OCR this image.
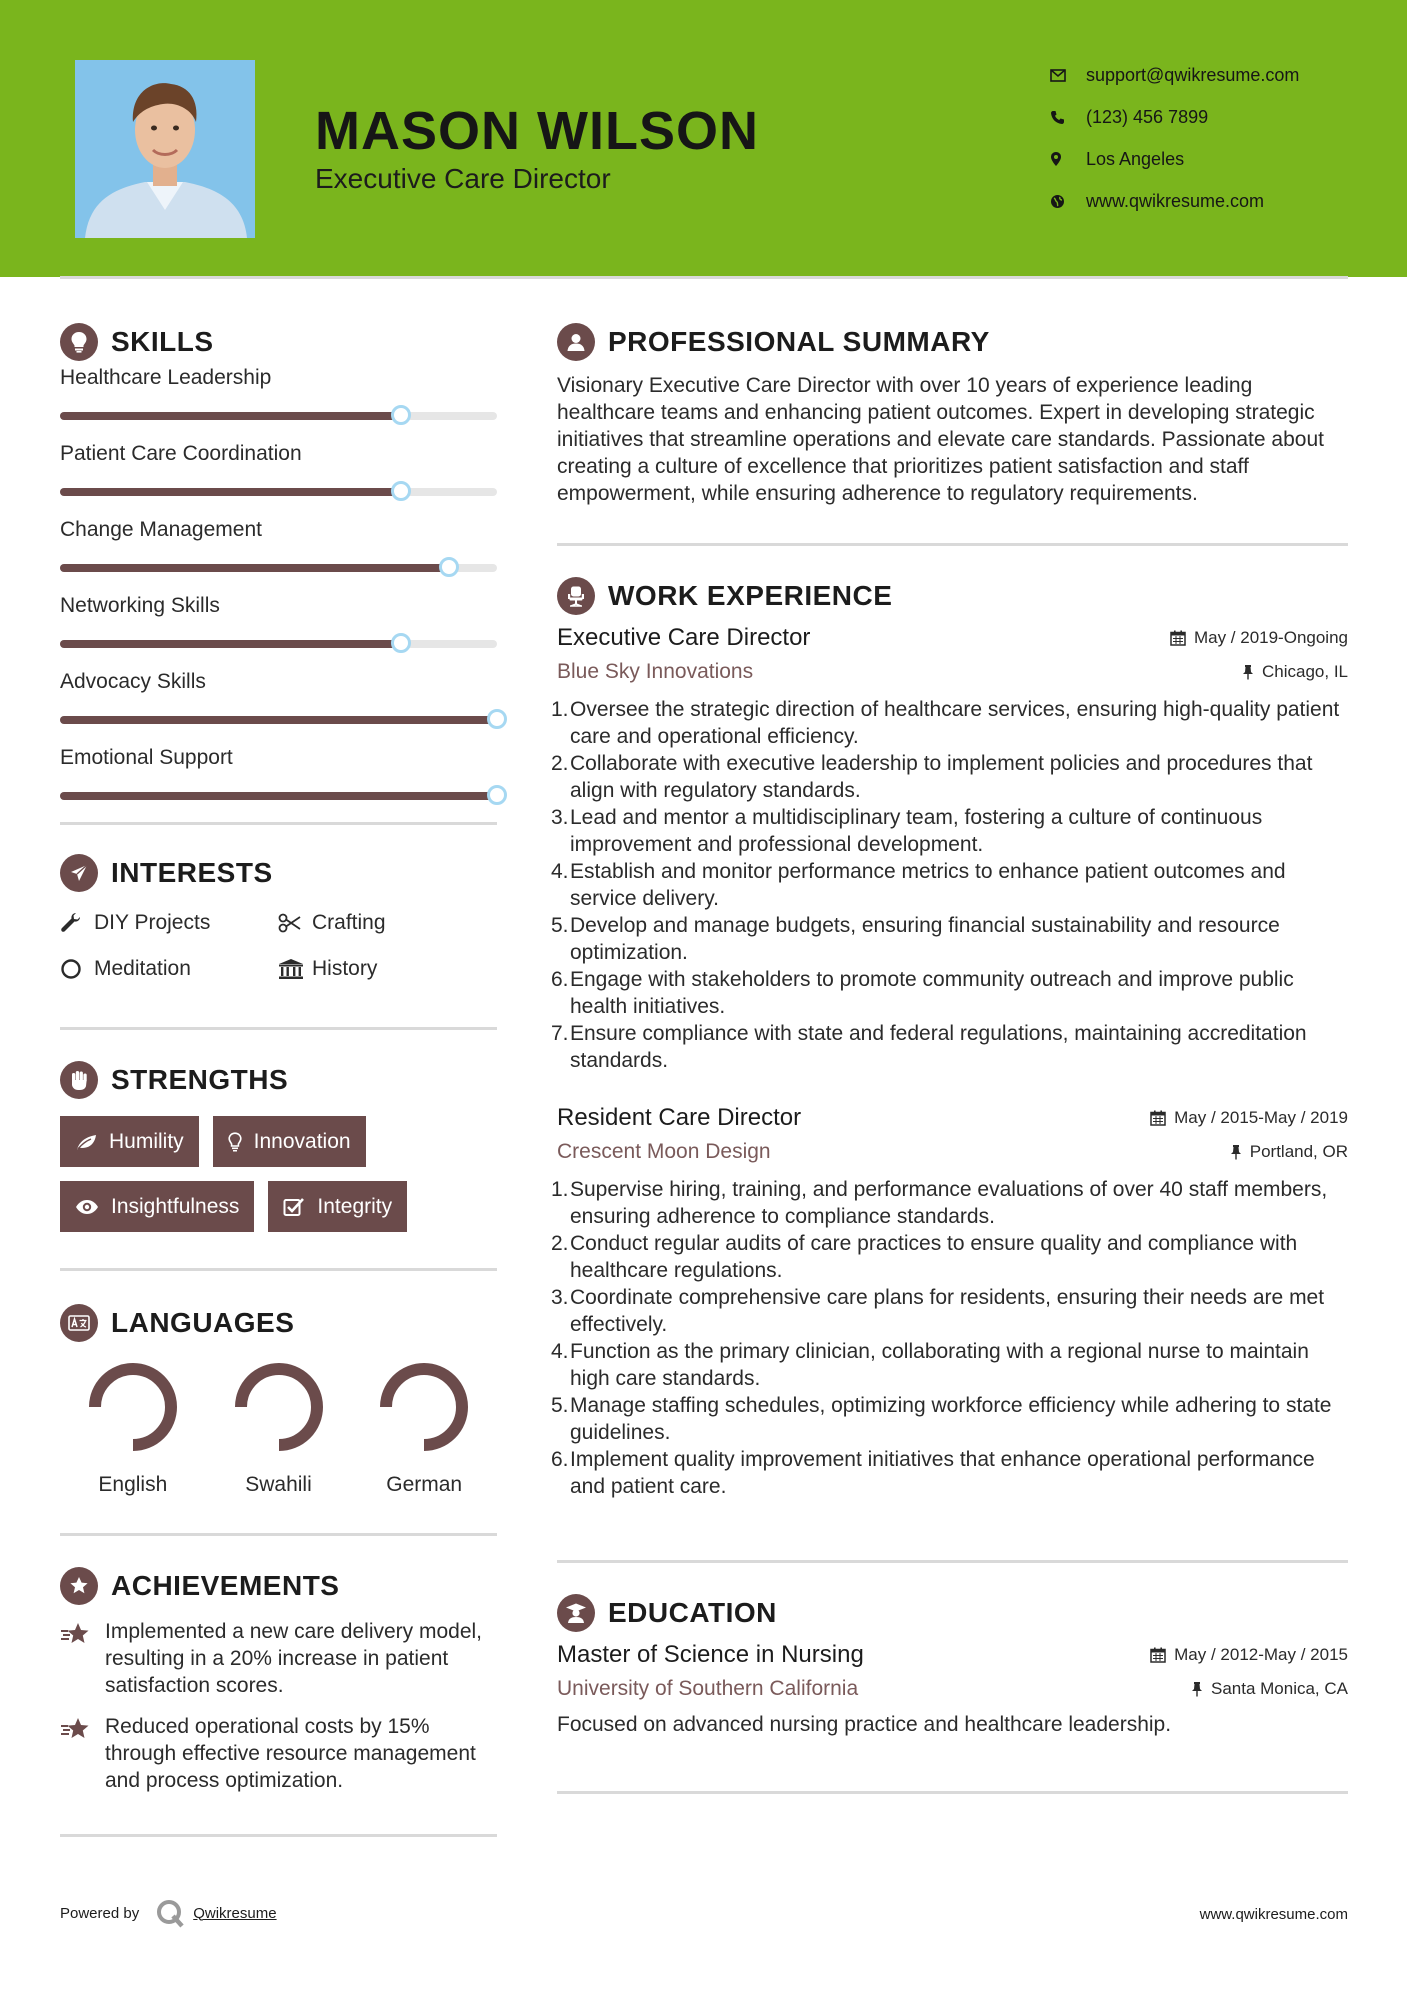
MASON WILSON
Executive Care Director
support@qwikresume.com
(123) 456 7899
Los Angeles
www.qwikresume.com
SKILLS
Healthcare Leadership
Patient Care Coordination
Change Management
Networking Skills
Advocacy Skills
Emotional Support
INTERESTS
DIY Projects	Crafting
Meditation	History
STRENGTHS
Humility	Innovation
Insightfulness	Integrity
LANGUAGES
English	Swahili	German
ACHIEVEMENTS
Implemented a new care delivery model, resulting in a 20% increase in patient satisfaction scores.
Reduced operational costs by 15% through effective resource management and process optimization.
PROFESSIONAL SUMMARY

Visionary Executive Care Director with over 10 years of experience leading healthcare teams and enhancing patient outcomes. Expert in developing strategic initiatives that streamline operations and elevate care standards. Passionate about creating a culture of excellence that prioritizes patient satisfaction and staff empowerment, while ensuring adherence to regulatory requirements.

WORK EXPERIENCE
Executive Care Director	May / 2019-Ongoing
Blue Sky Innovations	Chicago, IL
1. Oversee the strategic direction of healthcare services, ensuring high-quality patient care and operational efficiency.
2. Collaborate with executive leadership to implement policies and procedures that align with regulatory standards.
3. Lead and mentor a multidisciplinary team, fostering a culture of continuous improvement and professional development.
4. Establish and monitor performance metrics to enhance patient outcomes and service delivery.
5. Develop and manage budgets, ensuring financial sustainability and resource optimization.
6. Engage with stakeholders to promote community outreach and improve public health initiatives.
7. Ensure compliance with state and federal regulations, maintaining accreditation standards.
Resident Care Director	May / 2015-May / 2019
Crescent Moon Design	Portland, OR
1. Supervise hiring, training, and performance evaluations of over 40 staff members, ensuring adherence to compliance standards.
2. Conduct regular audits of care practices to ensure quality and compliance with healthcare regulations.
3. Coordinate comprehensive care plans for residents, ensuring their needs are met effectively.
4. Function as the primary clinician, collaborating with a regional nurse to maintain high care standards.
5. Manage staffing schedules, optimizing workforce efficiency while adhering to state guidelines.
6. Implement quality improvement initiatives that enhance operational performance and patient care.
EDUCATION
Master of Science in Nursing	May / 2012-May / 2015
University of Southern California	Santa Monica, CA

Focused on advanced nursing practice and healthcare leadership.

Powered by	Qwikresume	www.qwikresume.com
